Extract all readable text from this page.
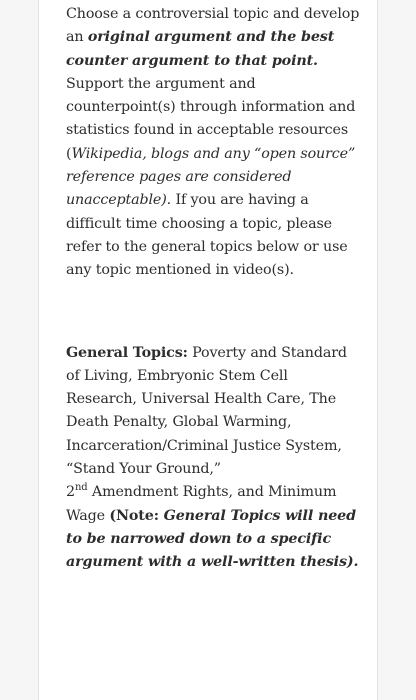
Choose a controversial topic and develop an original argument and the best counter argument to that point. Support the argument and counterpoint(s) through information and statistics found in acceptable resources (Wikipedia, blogs and any “open source” reference pages are considered unacceptable). If you are having a difficult time choosing a topic, please refer to the general topics below or use any topic mentioned in video(s).

General Topics: Poverty and Standard of Living, Embryonic Stem Cell Research, Universal Health Care, The Death Penalty, Global Warming, Incarceration/Criminal Justice System, “Stand Your Ground,”
2nd Amendment Rights, and Minimum Wage (Note: General Topics will need to be narrowed down to a specific argument with a well-written thesis).
